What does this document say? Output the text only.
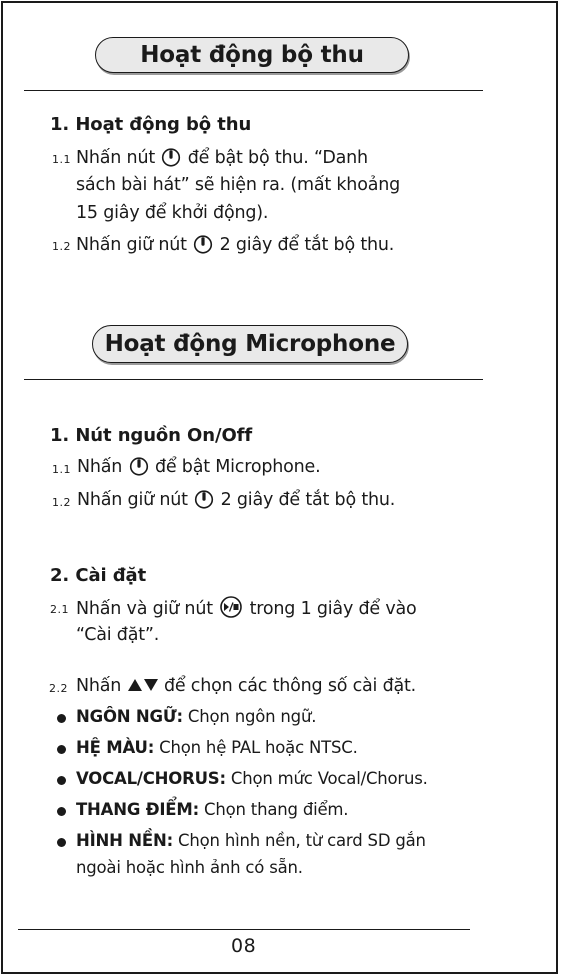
Hoạt động bộ thu
1. Hoạt động bộ thu
1.1 Nhấn nút để bật bộ thu. “Danh
sách bài hát” sẽ hiện ra. (mất khoảng
15 giây để khởi động).
1.2 Nhấn giữ nút 2 giây để tắt bộ thu.
Hoạt động Microphone
1. Nút nguồn On/Off
1.1 Nhấn để bật Microphone.
1.2 Nhấn giữ nút 2 giây để tắt bộ thu.
2. Cài đặt
2.1 Nhấn và giữ nút trong 1 giây để vào
“Cài đặt”.
2.2 Nhấn để chọn các thông số cài đặt.
NGÔN NGỮ: Chọn ngôn ngữ.
HỆ MÀU: Chọn hệ PAL hoặc NTSC.
VOCAL/CHORUS: Chọn mức Vocal/Chorus.
THANG ĐIỂM: Chọn thang điểm.
HÌNH NỀN: Chọn hình nền, từ card SD gắn
ngoài hoặc hình ảnh có sẵn.
08
